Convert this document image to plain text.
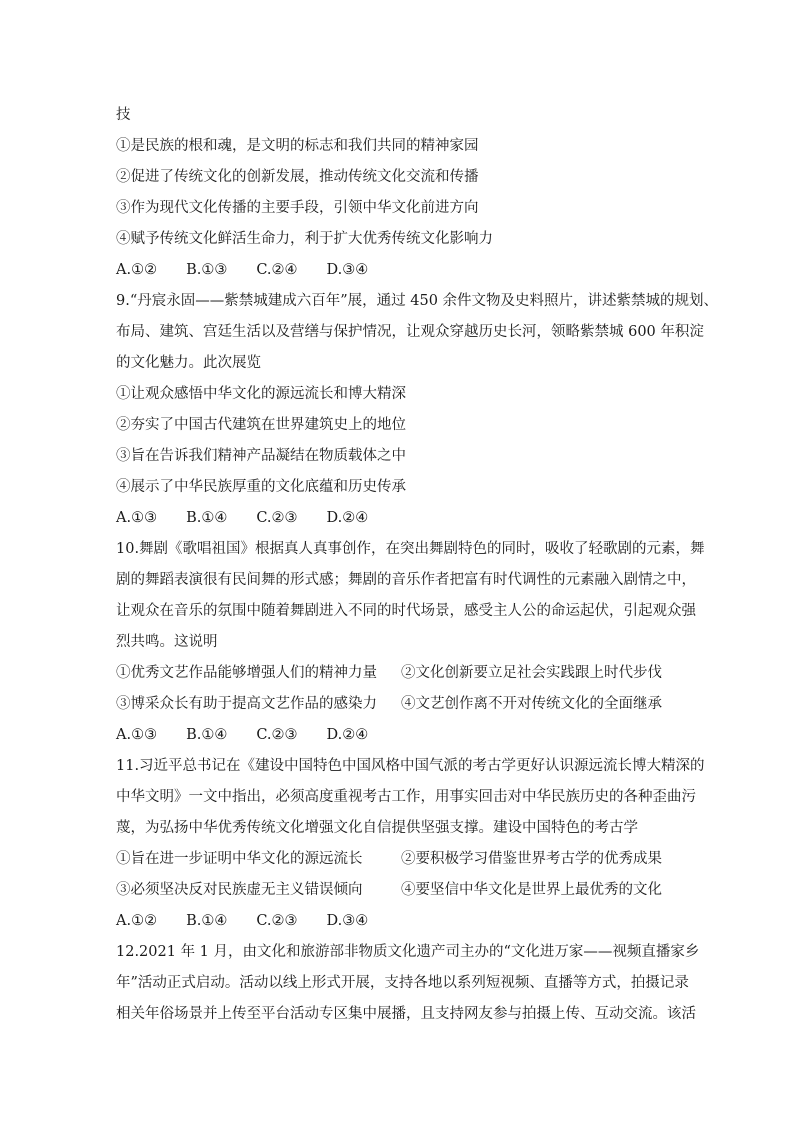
技
①是民族的根和魂，是文明的标志和我们共同的精神家园
②促进了传统文化的创新发展，推动传统文化交流和传播
③作为现代文化传播的主要手段，引领中华文化前进方向
④赋予传统文化鲜活生命力，利于扩大优秀传统文化影响力
A.①② B.①③ C.②④ D.③④
9.“丹宸永固——紫禁城建成六百年”展，通过 450 余件文物及史料照片，讲述紫禁城的规划、
布局、建筑、宫廷生活以及营缮与保护情况，让观众穿越历史长河，领略紫禁城 600 年积淀
的文化魅力。此次展览
①让观众感悟中华文化的源远流长和博大精深
②夯实了中国古代建筑在世界建筑史上的地位
③旨在告诉我们精神产品凝结在物质载体之中
④展示了中华民族厚重的文化底蕴和历史传承
A.①③ B.①④ C.②③ D.②④
10.舞剧《歌唱祖国》根据真人真事创作，在突出舞剧特色的同时，吸收了轻歌剧的元素，舞
剧的舞蹈表演很有民间舞的形式感；舞剧的音乐作者把富有时代调性的元素融入剧情之中，
让观众在音乐的氛围中随着舞剧进入不同的时代场景，感受主人公的命运起伏，引起观众强
烈共鸣。这说明
①优秀文艺作品能够增强人们的精神力量	②文化创新要立足社会实践跟上时代步伐
③博采众长有助于提高文艺作品的感染力	④文艺创作离不开对传统文化的全面继承
A.①③ B.①④ C.②③ D.②④
11.习近平总书记在《建设中国特色中国风格中国气派的考古学更好认识源远流长博大精深的
中华文明》一文中指出，必须高度重视考古工作，用事实回击对中华民族历史的各种歪曲污
蔑，为弘扬中华优秀传统文化增强文化自信提供坚强支撑。建设中国特色的考古学
①旨在进一步证明中华文化的源远流长	②要积极学习借鉴世界考古学的优秀成果
③必须坚决反对民族虚无主义错误倾向	④要坚信中华文化是世界上最优秀的文化
A.①② B.①④ C.②③ D.③④
12.2021 年 1 月，由文化和旅游部非物质文化遗产司主办的“文化进万家——视频直播家乡
年”活动正式启动。活动以线上形式开展，支持各地以系列短视频、直播等方式，拍摄记录
相关年俗场景并上传至平台活动专区集中展播，且支持网友参与拍摄上传、互动交流。该活
